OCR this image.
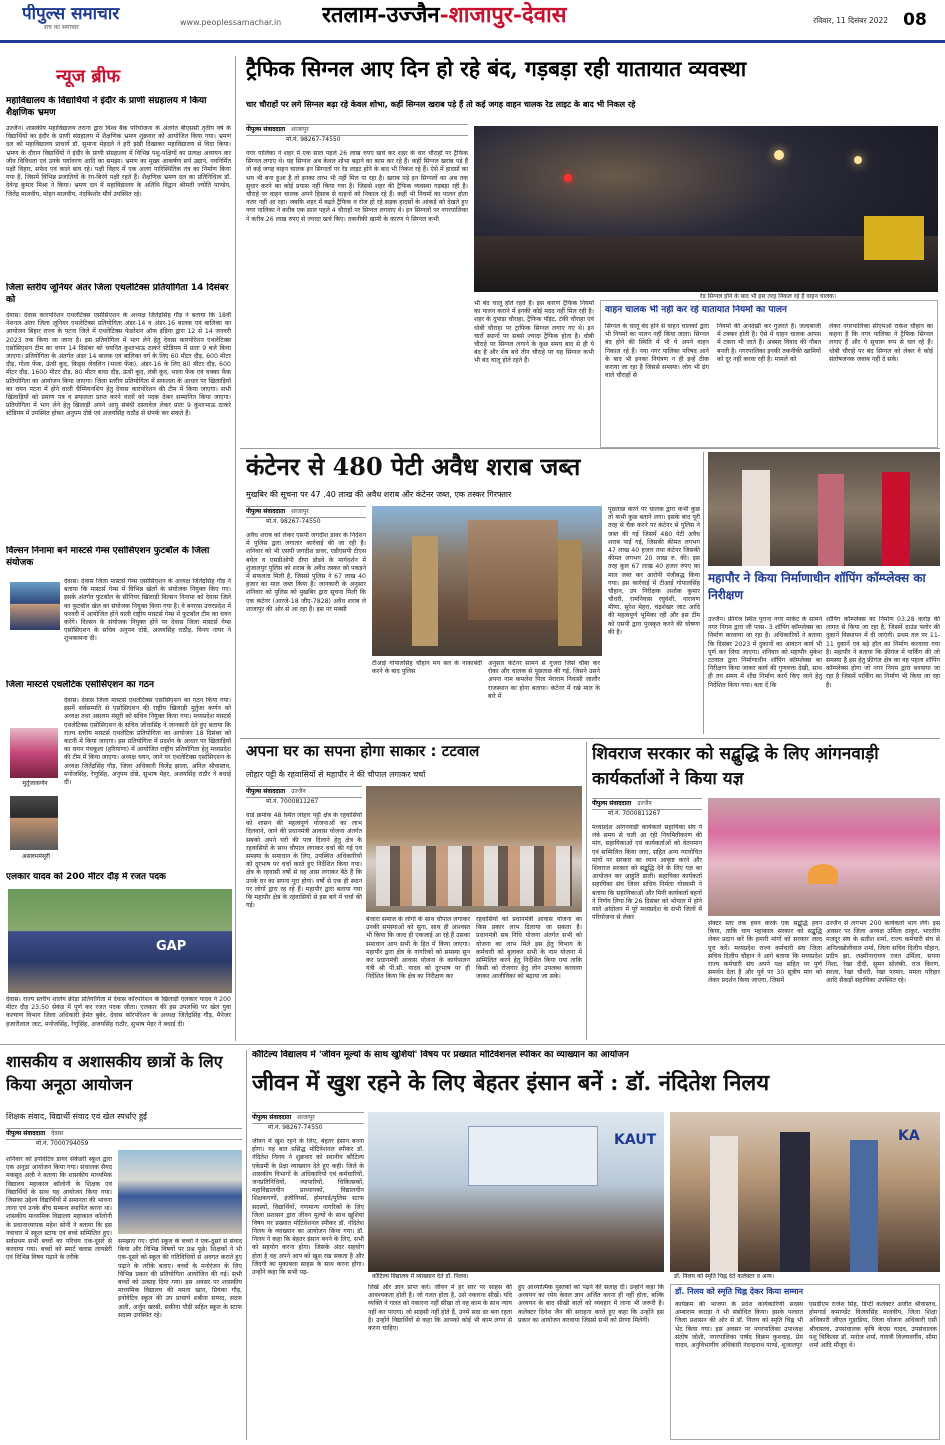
पीपुल्स समाचार
सच का समाचार
www.peoplessamachar.in	रतलाम-उज्जैन-शाजापुर-देवास	रविवार, 11 दिसंबर 2022 08
न्यूज ब्रीफ
महाविद्यालय के विद्यार्थियों ने इंदौर के प्राणी संग्रहालय में किया शैक्षणिक भ्रमण
उज्जैन। शासकीय महाविद्यालय तराना द्वारा विश्व बैंक परियोजना के अंतर्गत बीएससी तृतीय वर्ष के विद्यार्थियों का इंदौर के प्राणी संग्रहालय में शैक्षणिक भ्रमण शुक्रवार को आयोजित किया गया। भ्रमण दल को महाविद्यालय प्राचार्य डॉ. सुमाना मेहदले ने हरी झंडी दिखाकर महाविद्यालय से विदा किया। भ्रमण के दौरान विद्यार्थियों ने इंदौर के प्राणी संग्रहालय में विभिन्न पशु-पक्षियों का प्रत्यक्ष अध्ययन कर जीव विविधता एवं उनके पर्यावरण आदि का समझा। भ्रमण का मुख्य आकर्षण सर्प उद्यान, नवनिर्मित पक्षी विहार, सफेद एवं काले बाघ रहे। पक्षी विहार में एक अलग पारिस्थितिक तंत्र का निर्माण किया गया है, जिसमें विभिन्न प्रजातियों के रंग-बिरंगे पक्षी रहते हैं। शैक्षणिक भ्रमण दल का प्रतिनिधित्व डॉ. देवेन्द्र कुमार मिश्रा ने किया। भ्रमण दल में महाविद्यालय के अतिथि विद्वान श्रीमती ज्योति पाण्डेय, जितेंद्र मालवीय, मोहन मालवीय, नंदकिशोर मौर्य उपस्थित रहे।
जिला स्तरीय जूनियर अंतर जिला एथलेटिक्स प्रतियोगिता 14 दिसंबर को
देवास। देवास कारपोरेशन एथलेटिक्स एसोसिएशन के अध्यक्ष जितेंद्रसिंह गौड़ ने बताया कि 18वीं नेशनल अंतर जिला जूनियर एथलेटिक्स प्रतियोगिता अंडर-14 व अंडर-16 बालक एवं बालिका का आयोजन बिहार राज्य के पटना जिले में एथलेटिक्स फेडरेशन ऑफ इंडिया द्वारा 12 से 14 जनवरी 2023 तक किया जा जाना है। इस प्रतियोगिता में भाग लेने हेतु देवास कारपोरेशन एथलेटिक्स एसोसिएशन टीम का चयन 14 दिसंबर को चयनित कुशाभाऊ ठाकरे स्टेडियम में प्रातः 9 बजे किया जाएगा। प्रतियोगिता के अंतर्गत अंडर 14 बालक एवं बालिका वर्ग के लिए 60 मीटर दौड़, 600 मीटर दौड़, गोला फेंक, ऊंची कूद, किड्स जेवलिन (भाला फेंक), अंडर-16 के लिए 80 मीटर दौड़, 600 मीटर दौड़, 1600 मीटर दौड़, 80 मीटर बाधा दौड़, ऊंची कूद, लंबी कूद, भाला फेंक एवं चक्का फेंक प्रतियोगिता का आयोजन किया जाएगा। जिला स्तरीय प्रतियोगिता में सफलता के आधार पर खिलाड़ियों का चयन पटना में होने वाली चैम्पियनशिप हेतु देवास कारपोरेशन की टीम में किया जाएगा। सभी खिलाड़ियों को प्रमाण पत्र व सफलता प्राप्त करने वालों को पदक देकर सम्मानित किया जाएगा। प्रतियोगिता में भाग लेने हेतु खिलाड़ी अपने आयु संबंधी दस्तावेज लेकर प्रातः 9 कुशाभाऊ ठाकरे स्टेडियम में उपस्थित होकर अनुपम दोष्ठे एवं अजयसिंह राठौड़ से संपर्क कर सकते हैं।
विल्सन निनामा बने मास्टर्स गेम्स एसोसिएशन फुटबॉल के जिला संयोजक
देवास। देवास जिला मास्टर्स गेम्स एसोसिएशन के अध्यक्ष जितेंद्रसिंह गौड़ ने बताया कि मास्टर्स गेम्स में विभिन्न खेलों के संयोजक नियुक्त किए गए। इसके अंतर्गत फुटबॉल के सीनियर खिलाड़ी विल्सन निनामा को देवास जिले का फुटबॉल खेल का संयोजक नियुक्त किया गया है। वे बनारस उत्तरप्रदेश में फरवरी में आयोजित होने वाली राष्ट्रीय मास्टर्स गेम्स में फुटबॉल टीम का चयन करेंगे। विल्सन के संयोजक नियुक्त होने पर देवास जिला मास्टर्स गेम्स एसोसिएशन के सचिव अनुपम दोष्ठे, अजयसिंह राठौड़, विनय नायर ने शुभकामना दी।
जिला मास्टर्स एथलेटिक एसोसिएशन का गठन
मुर्तुजाकर्णन
असलममंसूरी
देवास। देवास जिला मास्टर्स एथलेटिक्स एसोसिएशन का गठन किया गया। इसमें सर्वसम्मति से एसोसिएशन की राष्ट्रीय खिलाड़ी मुर्तुजा कर्णन को अध्यक्ष तथा असलम मंसूरी को सचिव नियुक्त किया गया। मध्यप्रदेश मास्टर्स एथलेटिक्स एसोसिएशन के सचिव जोधासिंह ने जानकारी देते हुए बताया कि राज्य स्तरीय मास्टर्स एथलेटिक प्रतियोगिता का आयोजन 18 दिसंबर को कटनी में किया जाएगा। इस प्रतियोगिता में प्रदर्शन के आधार पर खिलाड़ियों का चयन पंचकूला (हरियाणा) में आयोजित राष्ट्रीय प्रतियोगिता हेतु मध्यप्रदेश की टीम में किया जाएगा। अध्यक्ष चयन, जाने पर एथलेटिक्स एसोसिएशन के अध्यक्ष जितेंद्रसिंह गौड़, जिला अधिकारी विजेंद्र झाला, अनिल श्रीवास्तव, मनोजसिंह, रेणुसिंह, अनुपम दोष्ठे, सुभाष मेहर, अजयसिंह राठौर ने बधाई दी।
एलकार यादव को 200 मीटर दौड़ में रजत पदक
GAP
देवास। राज्य स्तरीय शालेय क्रीड़ा प्रतियोगिता में देवास कॉरपोरेशन के खिलाड़ी एलकार यादव ने 200 मीटर दौड़ 23.50 सेकंड में पूर्ण कर रजत पदक जीता। एलकार की इस उपलब्धि पर खेल युवा कल्याण विभाग जिला अधिकारी हेमंत बुबेर, देवास कॉरपोरेशन के अध्यक्ष जितेंद्रसिंह गौड़, मैनेजर हजारीलाल जाट, मनोजसिंह, रेणुसिंह, अजयसिंह राठौर, सुभाष मेहर ने बधाई दी।
ट्रैफिक सिग्नल आए दिन हो रहे बंद, गड़बड़ा रही यातायात व्यवस्था
चार चौराहों पर लगे सिग्नल बढ़ा रहे केवल शोभा, कहीं सिग्नल खराब पड़े हैं तो कई जगह वाहन चालक रेड लाइट के बाद भी निकल रहे
पीपुल्स संवाददाता शाजापुर
मो.नं. 98267-74550
नगर पालिका ने शहर में एक साल पहले 26 लाख रुपए खर्च कर शहर के चार चौराहों पर ट्रैफिक सिग्नल लगाए थे। यह सिग्नल अब केवल शोभा बढ़ाने का काम कर रहे हैं। कहीं सिग्नल खराब पड़े हैं तो कई जगह वाहन चालक इन सिग्नलों पर रेड लाइट होने के बाद भी निकल रहे हैं। ऐसे में हादसों का भय भी बना हुआ है तो इनका लाभ भी नहीं मिल पा रहा है। खराब पड़े इन सिग्नलों का अब तक सुधार करने का कोई प्रयास नहीं किया गया है। जिससे शहर की ट्रैफिक व्यवस्था गड़बड़ा रही है। चौराहे पर वाहन चालक अपने हिसाब से वाहनों को निकाल रहे हैं। कहीं भी नियमों का पालन होता नजर नहीं आ रहा। जबकि शहर में बढ़ते ट्रैफिक व रोज हो रहे सड़क हादसों के आंकड़े को देखते हुए नगर पालिका ने करीब एक साल पहले 4 चौराहों पर सिग्नल लगवाए थे। इन सिग्नलों पर नगरपालिका ने करीब 26 लाख रुपए से ज्यादा खर्च किए। तकनीकी खामी के कारण ये सिग्नल कभी
रेड सिग्नल होने के बाद भी इस तरह निकल रहे हैं वाहन चालक।
भी बंद चालू होते रहते हैं। इस कारण ट्रैफिक नियमों का पालन कराने में इनकी कोई मदद नहीं मिल रही है। शहर के दुपाड़ा चौराहा, ट्रैफिक पॉइंट, टंकी चौराहा एवं धोबी चौराहा पर ट्राफिक सिग्नल लगाए गए थे। इन चारों स्थानों पर सबसे ज्यादा ट्रैफिक होता है। धोबी चौराहे पर सिग्नल लगाने के कुछ समय बाद से ही ये बंद हैं और शेष बचे तीन चौराहे पर यह सिग्नल कभी भी बंद चालू होते रहते हैं।
वाहन चालक भी नहीं कर रहे यातायात नियमों का पालन
सिग्नल के चालू बंद होने से वाहन चालकों द्वारा भी नियमों का पालन नहीं किया जाता। सिग्नल बंद होने की स्थिति में भी ये अपने वाहन निकाल रहे हैं। नया नगर पालिका परिषद आने के बाद भी इनका नियंत्रण न ही इन्हें ठीक कराया जा रहा है जिससे समस्या। लोग भी ढंग वाले चौराहों से
नियमों की अनदेखी कर गुजरते हैं। जल्दबाजी में टक्कर होती है। ऐसे में वाहन चालक आपस में टकरा भी जाते हैं। अक्सर विवाद की नौबत बनती है। नगरपालिका इनकी तकनीकी खामियों को दूर नहीं करवा रही है। मामले को
लेकर नगरपालिका सीएमओ राकेश चौहान का कहना है कि नगर पालिका ने ट्रैफिक सिग्नल लगाए हैं और ये सुचारू रूप से चल रहे हैं। धोबी चौराहे पर बंद सिग्नल को लेकर वे कोई संतोषजनक जवाब नहीं दे सके।
कंटेनर से 480 पेटी अवैध शराब जब्त
मुखबिर की सूचना पर 47 .40 लाख की अवैध शराब और कंटेनर जब्त, एक तस्कर गिरफ्तार
पीपुल्स संवाददाता शाजापुर
मो.नं. 98267-74550
अवैध शराब को लेकर एसपी जगदीश डावर के निर्देशन में पुलिस द्वारा लगातार कार्रवाई की जा रही है। शनिवार को भी एसपी जगदीश डावर, एडीएसपी टीएस बघेल व एसडीओपी दीपा डोडवे के मार्गदर्शन में शुजालपुर पुलिस को शराब के अवैध तस्कर को पकड़ने में सफलता मिली है, जिससे पुलिस ने 67 लाख 40 हजार का माल जब्त किया है। जानकारी के अनुसार शनिवार को पुलिस को मुखबिर द्वारा सूचना मिली कि एक कंटेनर (आरजे-18 जीए-7828) अवैध शराब ले शाजापुर की ओर से आ रहा है। इस पर मक्सी
टीआई गोपालसिंह चौहान मय बल के नाकाबंदी करने के बाद पुलिस
अनुसार कंटेनर सामने से गुजरा जिसे चौबा कर रोका और चालक से पूछताछ की गई, जिसने उसने अपना नाम कमलेश पिता मेराराम निवासी जालौर राजस्थान का होना बताया। कंटेनर में रखे माल के बारे में
पूछताछ करने पर चालक द्वारा कभी कुछ तो कभी कुछ बताने लगा। इसके बाद पूरी तरह से चैक करने पर कंटेनर से पुलिस ने जब्त की गई जिसमें 480 पेटी अवैध शराब पाई गई, जिसकी कीमत लगभग 47 लाख 40 हजार तथा कंटेनर जिसकी कीमत लगभग 20 लाख रु. की। इस तरह कुल 67 लाख 40 हजार रुपए का माल जब्त कर आरोपी पंजीबद्ध किया गया। इस कार्रवाई में टीआई गोपालसिंह चौहान, उप निरीक्षक अशोक कुमार चौधरी, रामनिवास रघुवंशी, नारायण मीणा, सुरेश मेहरा, चंद्रशेखर जाट आदि की महत्वपूर्ण भूमिका रही और इस टीम को एसपी द्वारा पुरस्कृत करने की घोषणा की है।
महापौर ने किया निर्माणाधीन शॉपिंग कॉम्प्लेक्स का निरीक्षण
उज्जैन। फ्रीगंज स्थित पुराना नगर मार्केट के सामने नगर निगम द्वारा जी प्लस- 3 शॉपिंग कॉम्प्लेक्स का निर्माण करवाया जा रहा है। अधिकारियों ने बताया कि दिसंबर 2023 में दुकानों का आवंटन कार्य भी पूर्ण कर लिया जाएगा। शनिवार को महापौर मुकेश टटवाल द्वारा निर्माणाधीन शॉपिंग कॉम्प्लेक्स का निरीक्षण किया जाकर कार्य की गुणवत्ता देखी, साथ ही तय समय में शीघ्र निर्माण कार्य किए जाने हेतु निर्देशित किया गया। बता दें कि
शॉपिंग कॉम्प्लेक्स का निर्माण 03.28 करोड़ की लागत से किया जा रहा है, जिसमें ग्राउंड फ्लोर की दुकानें विस्थापन में दी जाएंगी। प्रथम तल पर 11-11 दुकानें एवं बड़े हॉल का निर्माण करवाया गया है। महापौर ने बताया कि फ्रीगंज में पार्किंग की जो समस्या है इस हेतु फ्रीगंज क्षेत्र का वह पहला शॉपिंग कॉम्प्लेक्स होगा जो नगर निगम द्वारा बनवाया जा रहा है जिसमें पार्किंग का निर्माण भी किया जा रहा है।
अपना घर का सपना होगा साकार : टटवाल
लोहार पट्टी के रहवासियों से महापौर ने की चौपाल लगाकर चर्चा
पीपुल्स संवाददाता उज्जैन
मो.नं. 7000811267
वार्ड क्रमांक 48 स्थित लोहार पट्टी क्षेत्र के रहवासियों को शासन की महत्वपूर्ण योजनाओं का लाभ दिलवाने, जाने की प्रधानमंत्री आवास योजना अंतर्गत सबको अपने घरों की पात्र दिलाने हेतु क्षेत्र के रहवासियों के साथ चौपाल लगाकर चर्चा की गई एवं समस्या के समाधान के लिए, उपस्थित अधिकारियों को दूरभाष पर चर्चा करते हुए निर्देशित किया गया। क्षेत्र के रहवासी वर्षों से वह आस लगाकर बैठे हैं कि उनके घर का सपना पूरा होगा। वर्षों से एक ही स्थान पर लोगों द्वारा रह रहे हैं। महापौर द्वारा बताया गया कि महापौर क्षेत्र के रहवासियों से इस बारे में चर्चा की गई।
बंजारा समाज के लोगों के साथ चौपाल लगाकर उनकी समस्याओं को सुना, साथ ही आश्वस्त भी किया कि जल्द ही एकजाई आ रहे हैं उसका समाधान आप सभी के हित में किया जाएगा। महापौर द्वारा क्षेत्र के नागरिकों को समस्या सुन कर प्रधानमंत्री आवास योजना के कार्यपालन यंत्री श्री पी.सी. यादव को दूरभाष पर ही निर्देशित किया कि क्षेत्र का निरीक्षण कर
रहवासियों को प्रधानमंत्री आवास योजना का किस प्रकार लाभ दिलाया जा सकता है। प्रधानमंत्री सब निधि योजना अंतर्गत सभी को योजना का लाभ मिले इस हेतु विभाग के कर्मचारी को बुलाकर सभी के नाम योजना में सम्मिलित करने हेतु निर्देशित किया गया ताकि किसी को रोजगार हेतु लोन उपलब्ध करवाया जाकर आजीविका को बढ़ाया जा सके।
शिवराज सरकार को सद्बुद्धि के लिए आंगनवाड़ी कार्यकर्ताओं ने किया यज्ञ
पीपुल्स संवाददाता उज्जैन
मो.नं. 7000811267
मध्यप्रदेश आंगनवाड़ी कार्यकर्ता सहायिका संघ ने लंबे समय से चली आ रही नियमितीकरण की मांग, सहायिकाओं एवं कार्यकर्ताओं को वेतनमान एवं सम्मिलित किया जाए, सहित अन्य न्यायोचित मांगों पर सरकार का ध्यान आकृष्ट करने और शिवराज सरकार को सद्बुद्धि देने के लिए यज्ञ का आयोजन कर आहुति डाली। सहायिका कार्यकर्ता सहायिका संघ जिला सचिव निर्मला गोस्वामी ने बताया कि सहायिकाओं और मिनी कार्यकर्ता बहनों ने निर्णय लिया कि 26 दिसंबर को भोपाल में होने वाले आंदोलन में पूरे मध्यप्रदेश के सभी जिलों में परियोजना से लेकर
सेक्टर स्तर तक हवन करके एक सद्बुद्धि हवन किया, ताकि चाय महाकाल सरकार को सद्बुद्धि लेकर प्रदान करें कि हमारी मांगों को सरकार जल्द पूरा करें। मध्यप्रदेश राज्य कर्मचारी संघ जिला सचिव दिलीप चौहान ने आगे बताया कि मध्यप्रदेश राज्य कर्मचारी संघ अपने पक्ष सहित पर पूर्ण समर्थन देता है और पूर्व पर 30 सूत्रीय मांग को लेकर प्रदर्शन किया जाएगा, जिसमें
उज्जैन से लगभग 200 कार्यकर्ता भाग लेंगे। इस अवसर पर जिला अध्यक्ष उर्मिला ठाकुर, भारतीय मजदूर संघ के सतीश शर्मा, राज्य कर्मचारी संघ से अनिलखोलीवाल शर्मा, जिला सचिव दिलीप चौहान, प्रदीप झा, लक्ष्मीनारायण रजत उर्मिला, सपना निशा, रेखा दीदी, सुमन सोलंकी, राज किरण, सरला, रेखा चौधरी, रेखा परमार, ममता परिहार आदि सैकड़ों सहायिका उपस्थित रहे।
शासकीय व अशासकीय छात्रों के लिए किया अनूठा आयोजन
शिक्षक संवाद, विद्यार्थी संवाद एवं खेल स्पर्धाएं हुईं
पीपुल्स संवाददाता देवास
मो.नं. 7000794059
शनिवार को इनोवेटिव डायर सेकेंडरी स्कूल द्वारा एक अनूठा आयोजन किया गया। संचालक सैयद मकसूद अली ने बताया कि शासकीय माध्यमिक विद्यालय महाकाल कॉलोनी के शिक्षक एवं विद्यार्थियों के साथ यह आयोजन किया गया। जिसका उद्देश्य विद्यार्थियों में समानता की भावना लाना एवं उनके बीच सम्बन्ध स्थापित करना था। शासकीय माध्यमिक विद्यालय महाकाल कॉलोनी के प्रधानाध्यापक महेश सोनी ने बताया कि इस नवाचार में स्कूल स्टाफ एवं बच्चे सम्मिलित हुए। सर्वप्रथम सभी बच्चों का परिचय एक-दूसरे से करवाया गया। बच्चों को स्मार्ट क्लास लायब्रेरी एवं विभिन्न विषय पढ़ाने के तरीके
समझाए गए। दोनों स्कूल के बच्चों ने एक-दूसरे से संवाद किया और विभिन्न विषयों पर प्रश्न पूछे। शिक्षकों ने भी एक-दूसरे को स्कूल की गतिविधियों से अवगत कराते हुए पढ़ाने के तरीके बताए। बच्चों के मनोरंजन के लिए विभिन्न प्रकार की प्रतियोगिता आयोजित की गई। सभी बच्चों को उत्साह दिया गया। इस अवसर पर शासकीय माध्यमिक विद्यालय की ममता खान, प्रियंका गौड़, इनोवेटिव स्कूल की उप प्राचार्य शबीना सय्यद, सदफ अली, अर्जुन खरबी, सकीना पौड़ी सहित स्कूल के स्टाफ सदस्य उपस्थित रहे।
कौटिल्य विद्यालय में 'जीवन मूल्यों के साथ खुशियां' विषय पर प्रख्यात मोटिवेशनल स्पीकर का व्याख्यान का आयोजन
जीवन में खुश रहने के लिए बेहतर इंसान बनें : डॉ. नंदितेश निलय
पीपुल्स संवाददाता शाजापुर
मो.नं. 98267-74550
जीवन में खुश रहने के लिए, बेहतर इंसान बनना होगा। यह बात प्रसिद्ध मोटिवेशनल स्पीकर डॉ. नंदितेश निलय ने शुक्रवार को स्थानीय कौटिल्य एकेडमी के प्रेक्षा व्याख्यान देते हुए कही। जिले के शासकीय विभागों के अधिकारियों एवं कर्मचारियों, जनप्रतिनिधियों, व्यापारियों, चिकित्सकों, महाविद्यालयीन प्राध्यापकों, विद्यालयीन शिक्षकगणों, इंजीनियर्स, होमगार्ड/पुलिस स्टाफ सदस्यों, विद्यार्थियों, गणमान्य नागरिकों के लिए जिला प्रशासन द्वारा जीवन मूल्यों के साथ खुशियां विषय पर प्रख्यात मोटिवेशनल स्पीकर डॉ. नंदितेश निलय के व्याख्यान का आयोजन किया गया। डॉ. निलय ने कहा कि बेहतर इंसान बनने के लिए, सभी को सहयोग करना होगा। जिसके अंदर सहयोग होता है वह अपने आप को खुश रख सकता है और जिंदगी का मुकाबला साहस के साथ करना होगा। उन्होंने कहा कि सभी पढ़-
KAUT
कौटिल्य विद्यालय में व्याख्यान देते डॉ. निलय।
लिखें और ज्ञान प्राप्त करें। जीवन में हर स्तर पर साहस की आवश्यकता होती है। जो गलत होता है, उसे नकारना सीखें। यदि व्यक्ति ने गलत को नकारना नहीं सीखा तो वह काम के साथ न्याय नहीं कर पाएगा। जो साहसी नहीं होते हैं, उनमें सदा डर बना रहता है। उन्होंने विद्यार्थियों से कहा कि आपको कोई भी काम लगन से करना चाहिए।
हुए आध्यात्मिक पुस्तकों को पढ़ने की सलाह दी। उन्होंने कहा कि अध्ययन का ध्येय केवल ज्ञान अर्जित करना ही नहीं होता, बल्कि अध्ययन के बाद सीखी बातों को व्यवहार में लाना भी जरूरी है। कलेक्टर दिनेश जैन की सराहना करते हुए कहा कि उन्होंने इस प्रकार का आयोजन करवाया जिससे सभी को प्रेरणा मिलेगी।
KA
डॉ. निलय को स्मृति चिह्न देते कलेक्टर व अन्य।
डॉ. निलय को स्मृति चिह्न देकर किया सम्मान
कार्यक्रम की भाजपा के प्रदेश कार्यकारिणी सदस्य अम्बाराम कराड़ा ने भी संबोधित किया। इसके पश्चात जिला प्रशासन की ओर से डॉ. निलय को स्मृति चिह्न भी भेंट किया गया। इस अवसर पर नगरपालिका उपाध्यक्ष संतोष जोशी, नगरपालिका पार्षद विक्रम कुशवाह, प्रेम यादव, अनुविभागीय अधिकारी नंदन्द्रनाथ पाण्डे, शुजालपुर
एसडीएम राजेश सिंह, डिप्टी कलेक्टर अजीत श्रीवास्तव, होमगार्ड कमाण्डेंट विजयसिंह मालवीय, जिला शिक्षा अधिकारी जीएल गुड़ाडिया, जिला योजना अधिकारी एसी श्रीवास्तव, उपसंचालक कृषि केएस यादव, उपसंचालक पशु चिकित्सा डॉ. मनोज शर्मा, गायत्री विजयवर्गीय, सीमा शर्मा आदि मौजूद थे।
